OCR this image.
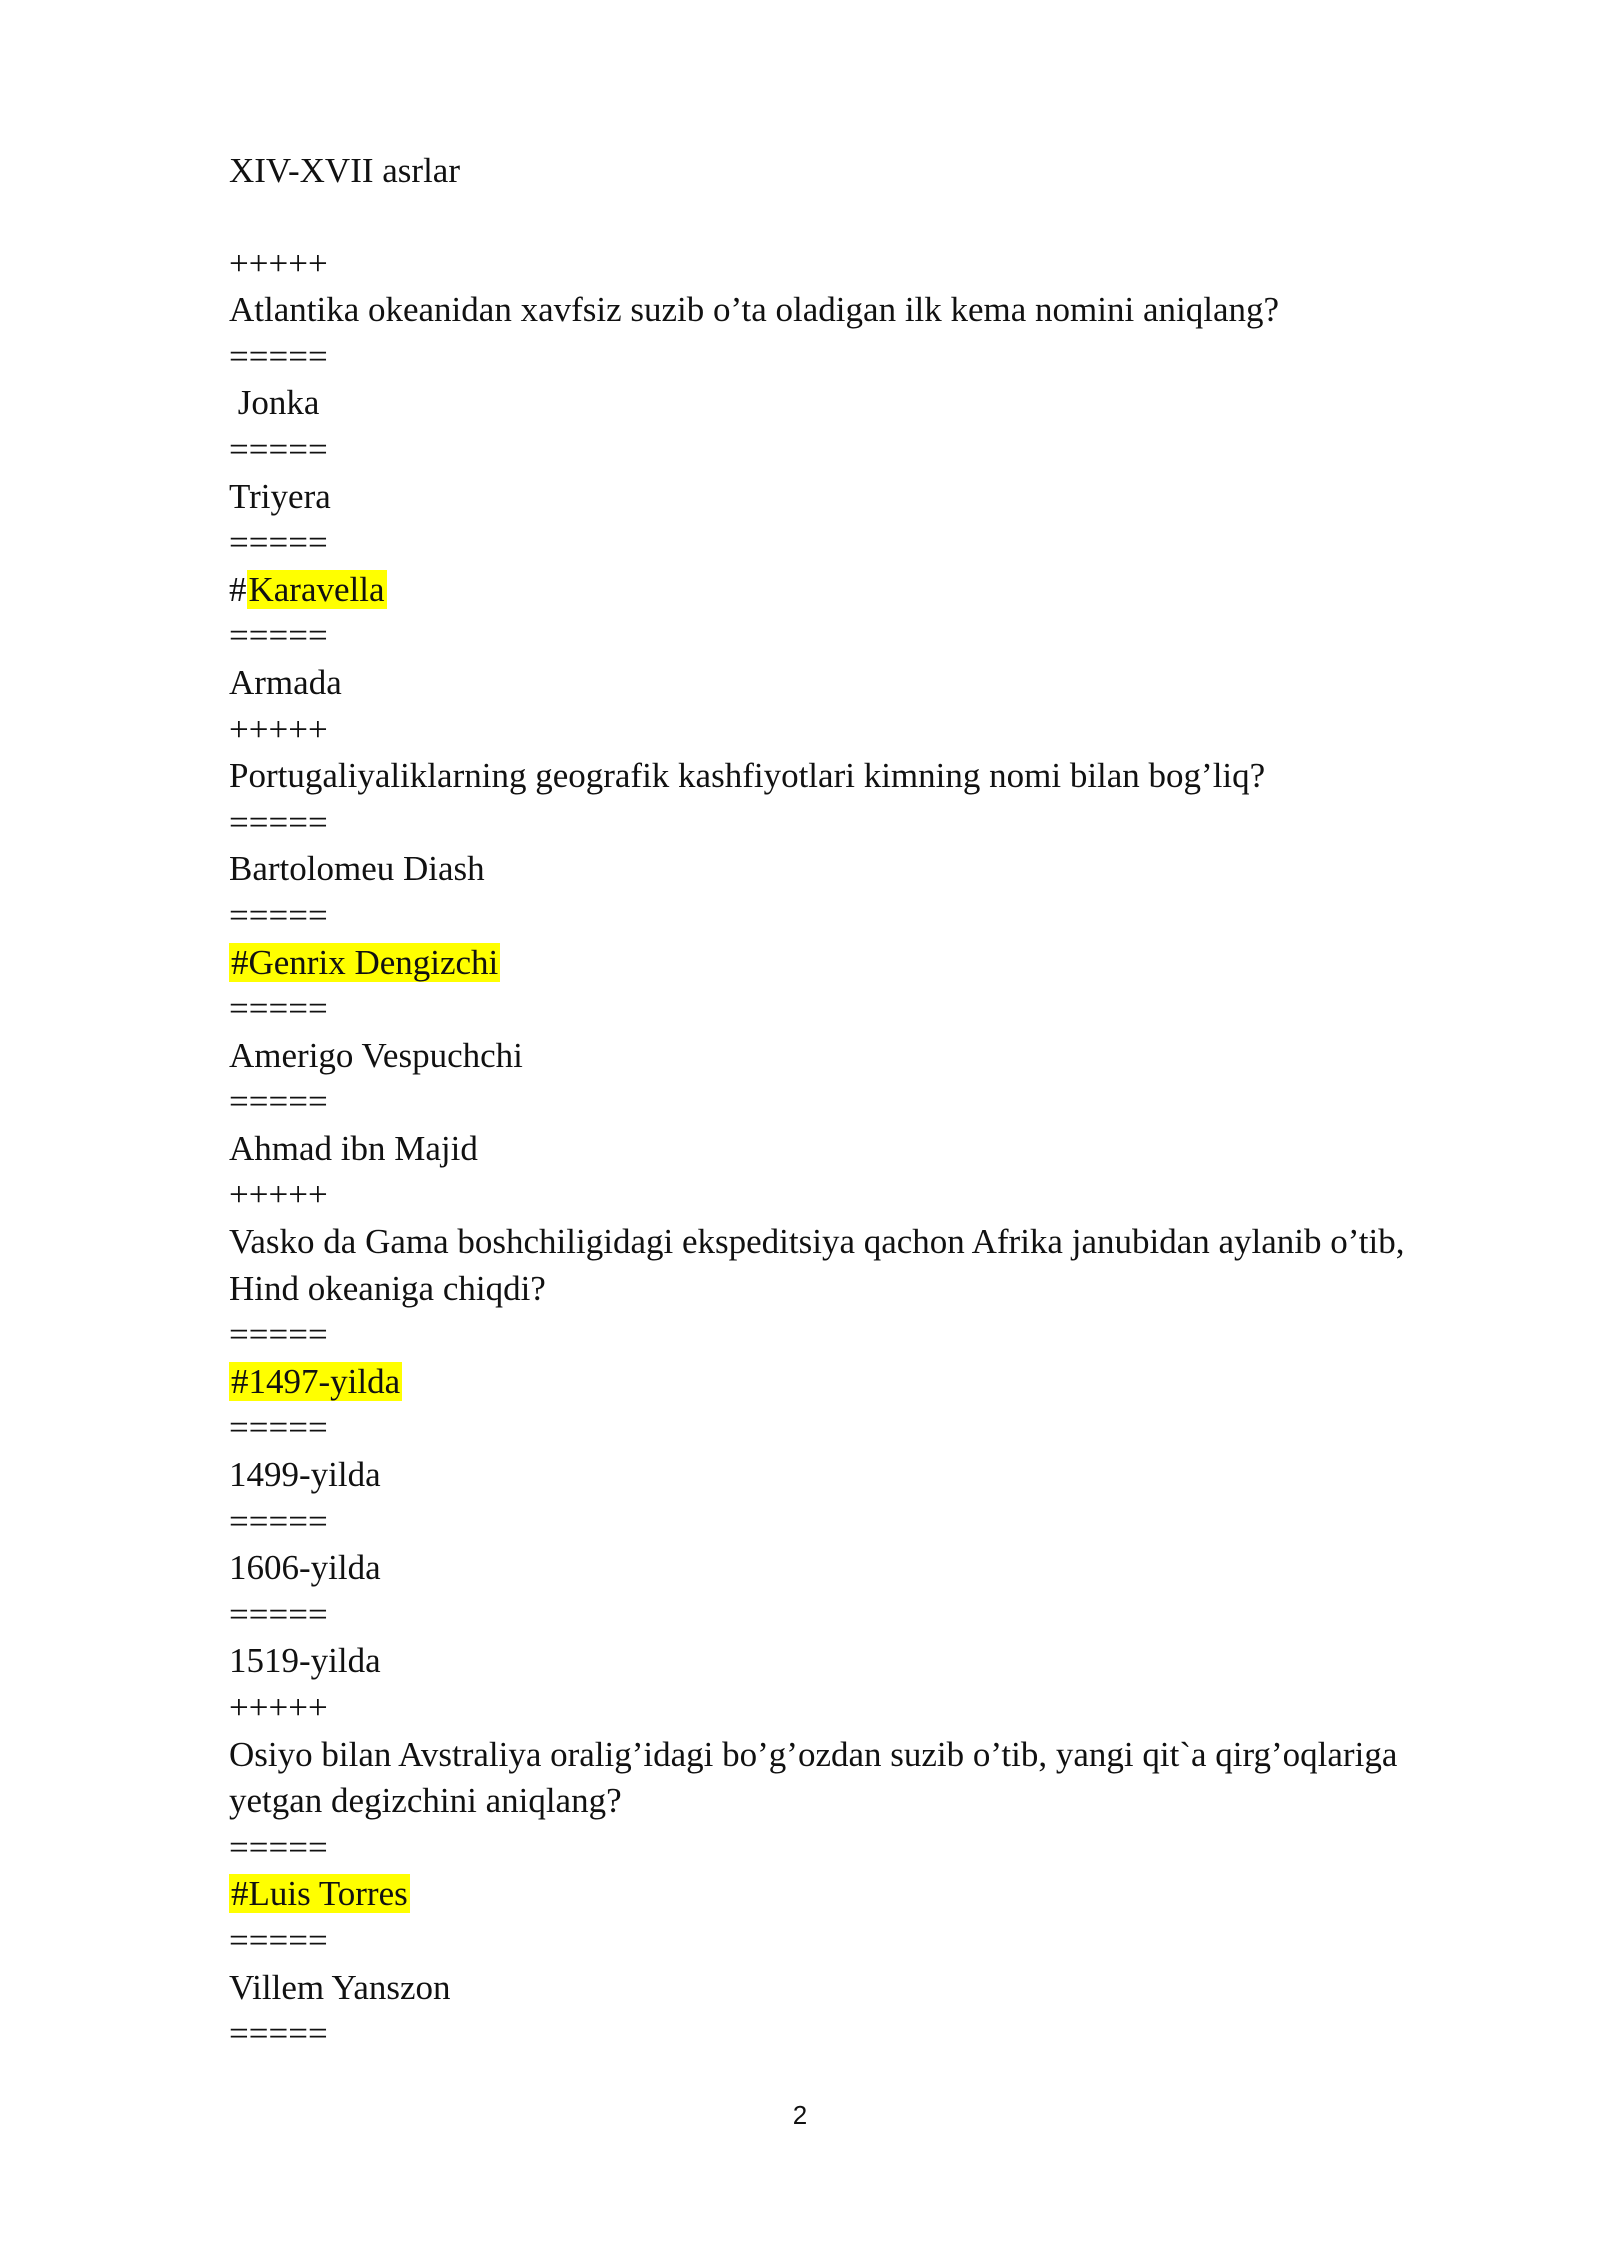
XIV-XVII asrlar
+++++
Atlantika okeanidan xavfsiz suzib o’ta oladigan ilk kema nomini aniqlang?
=====
Jonka
=====
Triyera
=====
#Karavella
=====
Armada
+++++
Portugaliyaliklarning geografik kashfiyotlari kimning nomi bilan bog’liq?
=====
Bartolomeu Diash
=====
#Genrix Dengizchi
=====
Amerigo Vespuchchi
=====
Ahmad ibn Majid
+++++
Vasko da Gama boshchiligidagi ekspeditsiya qachon Afrika janubidan aylanib o’tib, Hind okeaniga chiqdi?
=====
#1497-yilda
=====
1499-yilda
=====
1606-yilda
=====
1519-yilda
+++++
Osiyo bilan Avstraliya oralig’idagi bo’g’ozdan suzib o’tib, yangi qit`a qirg’oqlariga yetgan degizchini aniqlang?
=====
#Luis Torres
=====
Villem Yanszon
=====
2
